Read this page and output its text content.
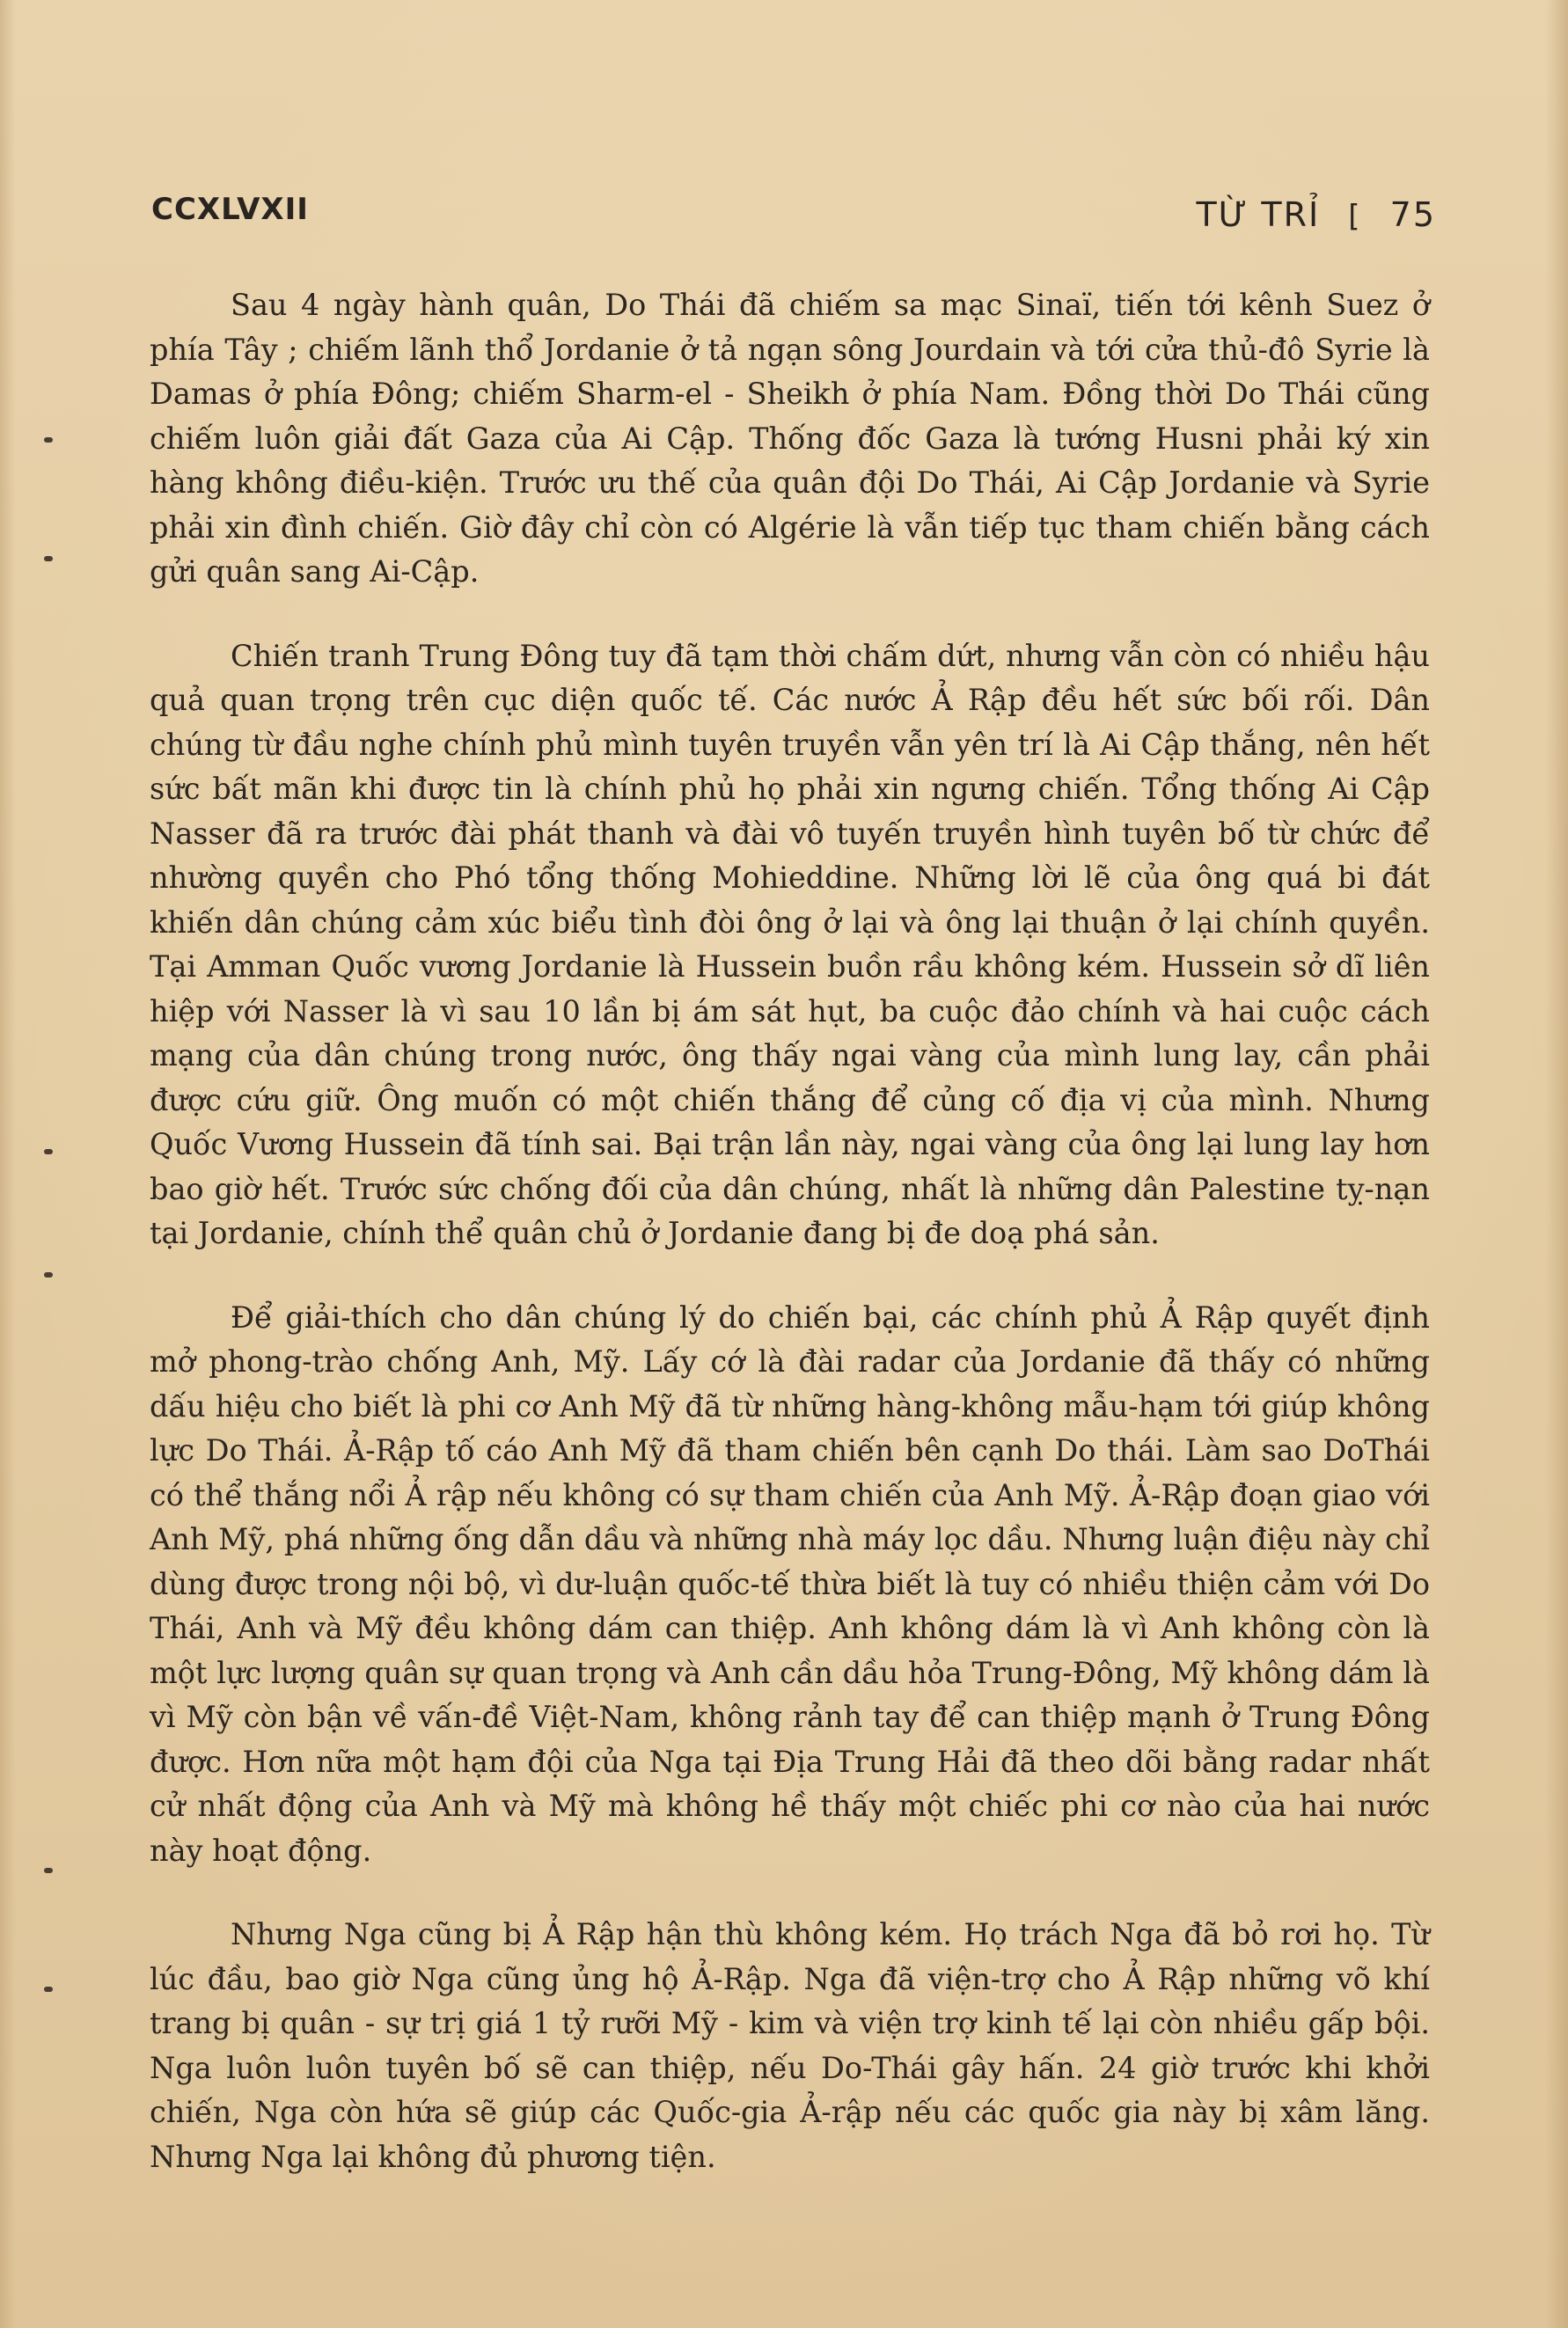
CCXLVXII	TỪ TRỈ [ 75

Sau 4 ngày hành quân, Do Thái đã chiếm sa mạc Sinaï, tiến tới kênh Suez ở phía Tây ; chiếm lãnh thổ Jordanie ở tả ngạn sông Jourdain và tới cửa thủ-đô Syrie là Damas ở phía Đông; chiếm Sharm-el - Sheikh ở phía Nam. Đồng thời Do Thái cũng chiếm luôn giải đất Gaza của Ai Cập. Thống đốc Gaza là tướng Husni phải ký xin hàng không điều-kiện. Trước ưu thế của quân đội Do Thái, Ai Cập Jordanie và Syrie phải xin đình chiến. Giờ đây chỉ còn có Algérie là vẫn tiếp tục tham chiến bằng cách gửi quân sang Ai-Cập.

Chiến tranh Trung Đông tuy đã tạm thời chấm dứt, nhưng vẫn còn có nhiều hậu quả quan trọng trên cục diện quốc tế. Các nước Ả Rập đều hết sức bối rối. Dân chúng từ đầu nghe chính phủ mình tuyên truyền vẫn yên trí là Ai Cập thắng, nên hết sức bất mãn khi được tin là chính phủ họ phải xin ngưng chiến. Tổng thống Ai Cập Nasser đã ra trước đài phát thanh và đài vô tuyến truyền hình tuyên bố từ chức để nhường quyền cho Phó tổng thống Mohieddine. Những lời lẽ của ông quá bi đát khiến dân chúng cảm xúc biểu tình đòi ông ở lại và ông lại thuận ở lại chính quyền. Tại Amman Quốc vương Jordanie là Hussein buồn rầu không kém. Hussein sở dĩ liên hiệp với Nasser là vì sau 10 lần bị ám sát hụt, ba cuộc đảo chính và hai cuộc cách mạng của dân chúng trong nước, ông thấy ngai vàng của mình lung lay, cần phải được cứu giữ. Ông muốn có một chiến thắng để củng cố địa vị của mình. Nhưng Quốc Vương Hussein đã tính sai. Bại trận lần này, ngai vàng của ông lại lung lay hơn bao giờ hết. Trước sức chống đối của dân chúng, nhất là những dân Palestine tỵ-nạn tại Jordanie, chính thể quân chủ ở Jordanie đang bị đe doạ phá sản.

Để giải-thích cho dân chúng lý do chiến bại, các chính phủ Ả Rập quyết định mở phong-trào chống Anh, Mỹ. Lấy cớ là đài radar của Jordanie đã thấy có những dấu hiệu cho biết là phi cơ Anh Mỹ đã từ những hàng-không mẫu-hạm tới giúp không lực Do Thái. Ả-Rập tố cáo Anh Mỹ đã tham chiến bên cạnh Do thái. Làm sao DoThái có thể thắng nổi Ả rập nếu không có sự tham chiến của Anh Mỹ. Ả-Rập đoạn giao với Anh Mỹ, phá những ống dẫn dầu và những nhà máy lọc dầu. Nhưng luận điệu này chỉ dùng được trong nội bộ, vì dư-luận quốc-tế thừa biết là tuy có nhiều thiện cảm với Do Thái, Anh và Mỹ đều không dám can thiệp. Anh không dám là vì Anh không còn là một lực lượng quân sự quan trọng và Anh cần dầu hỏa Trung-Đông, Mỹ không dám là vì Mỹ còn bận về vấn-đề Việt-Nam, không rảnh tay để can thiệp mạnh ở Trung Đông được. Hơn nữa một hạm đội của Nga tại Địa Trung Hải đã theo dõi bằng radar nhất cử nhất động của Anh và Mỹ mà không hề thấy một chiếc phi cơ nào của hai nước này hoạt động.

Nhưng Nga cũng bị Ả Rập hận thù không kém. Họ trách Nga đã bỏ rơi họ. Từ lúc đầu, bao giờ Nga cũng ủng hộ Ả-Rập. Nga đã viện-trợ cho Ả Rập những võ khí trang bị quân - sự trị giá 1 tỷ rưỡi Mỹ - kim và viện trợ kinh tế lại còn nhiều gấp bội. Nga luôn luôn tuyên bố sẽ can thiệp, nếu Do-Thái gây hấn. 24 giờ trước khi khởi chiến, Nga còn hứa sẽ giúp các Quốc-gia Ả-rập nếu các quốc gia này bị xâm lăng. Nhưng Nga lại không đủ phương tiện.
